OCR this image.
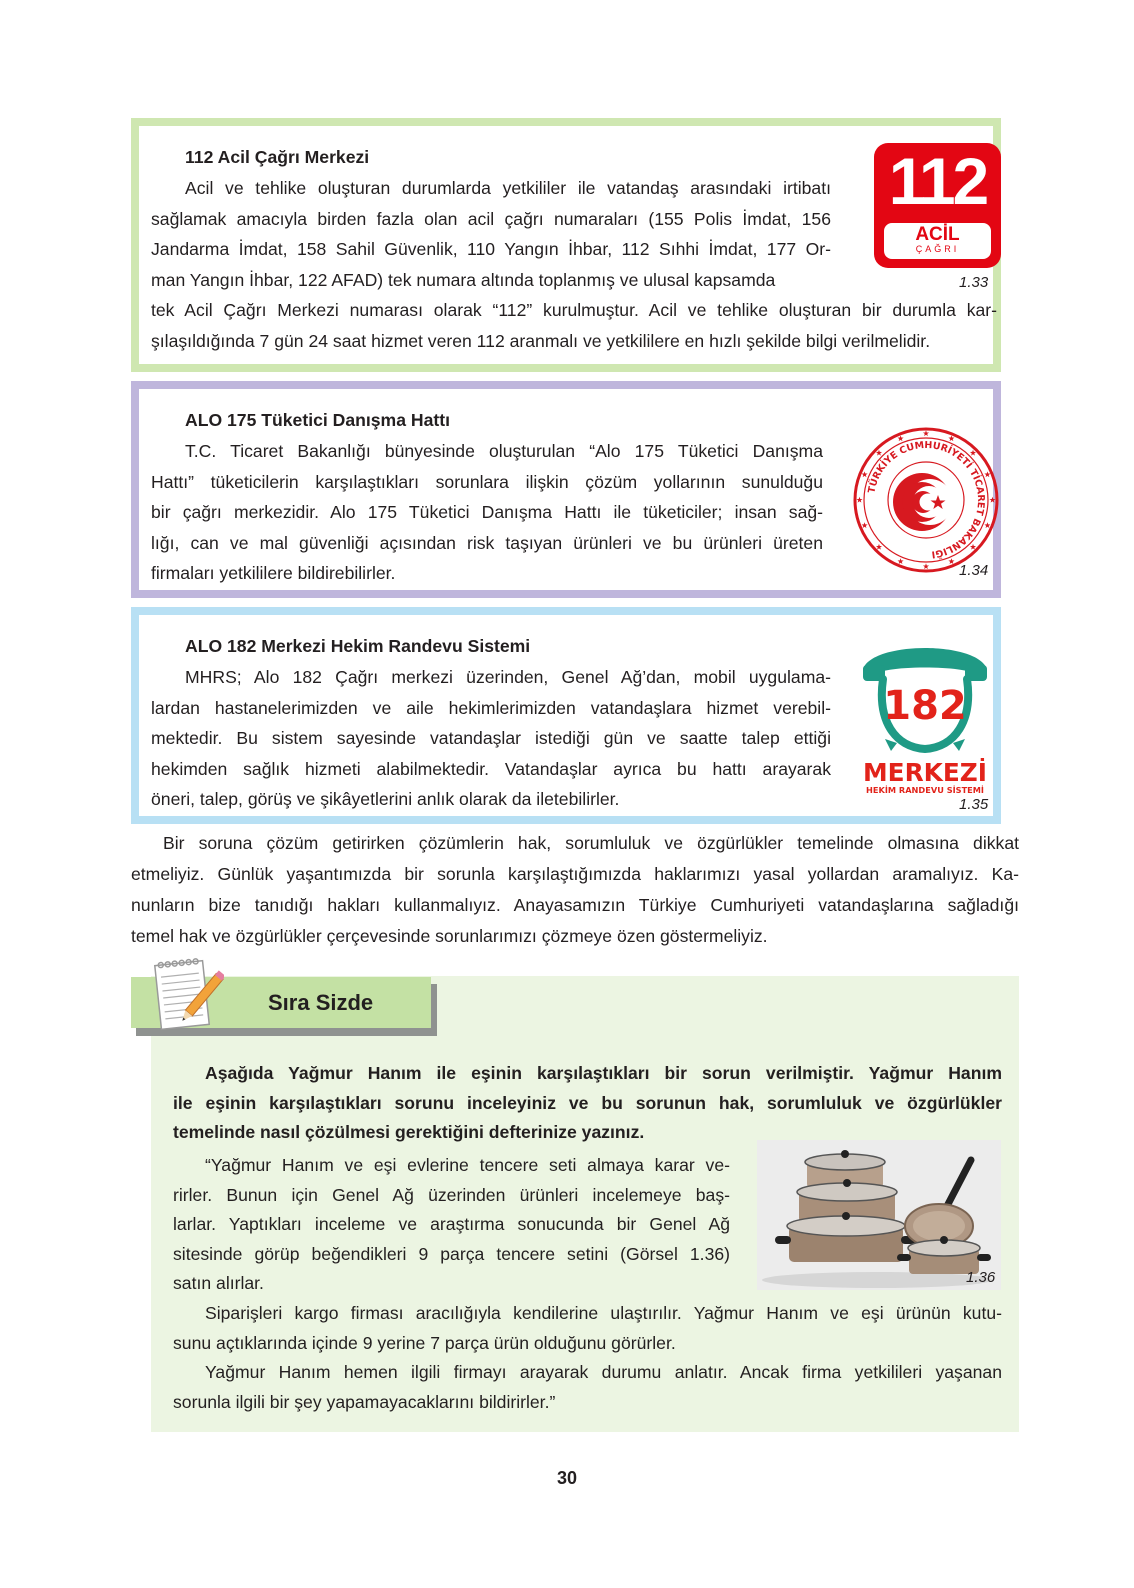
112 Acil Çağrı Merkezi

Acil ve tehlike oluşturan durumlarda yetkililer ile vatandaş arasındaki irtibatı

sağlamak amacıyla birden fazla olan acil çağrı numaraları (155 Polis İmdat, 156

Jandarma İmdat, 158 Sahil Güvenlik, 110 Yangın İhbar, 112 Sıhhi İmdat, 177 Or-

man Yangın İhbar, 122 AFAD) tek numara altında toplanmış ve ulusal kapsamda

tek Acil Çağrı Merkezi numarası olarak “112” kurulmuştur. Acil ve tehlike oluşturan bir durumla kar-

şılaşıldığında 7 gün 24 saat hizmet veren 112 aranmalı ve yetkililere en hızlı şekilde bilgi verilmelidir.

112
ACİL
ÇAĞRI
1.33
ALO 175 Tüketici Danışma Hattı

T.C. Ticaret Bakanlığı bünyesinde oluşturulan “Alo 175 Tüketici Danışma

Hattı” tüketicilerin karşılaştıkları sorunlara ilişkin çözüm yollarının sunulduğu

bir çağrı merkezidir. Alo 175 Tüketici Danışma Hattı ile tüketiciler; insan sağ-

lığı, can ve mal güvenliği açısından risk taşıyan ürünleri ve bu ürünleri üreten

firmaları yetkililere bildirebilirler.

TÜRKİYE CUMHURİYETİ TİCARET BAKANLIĞI
1.34
ALO 182 Merkezi Hekim Randevu Sistemi

MHRS; Alo 182 Çağrı merkezi üzerinden, Genel Ağ’dan, mobil uygulama-

lardan hastanelerimizden ve aile hekimlerimizden vatandaşlara hizmet verebil-

mektedir. Bu sistem sayesinde vatandaşlar istediği gün ve saatte talep ettiği

hekimden sağlık hizmeti alabilmektedir. Vatandaşlar ayrıca bu hattı arayarak

öneri, talep, görüş ve şikâyetlerini anlık olarak da iletebilirler.

182
MERKEZİ
HEKİM RANDEVU SİSTEMİ
1.35

Bir soruna çözüm getirirken çözümlerin hak, sorumluluk ve özgürlükler temelinde olmasına dikkat

etmeliyiz. Günlük yaşantımızda bir sorunla karşılaştığımızda haklarımızı yasal yollardan aramalıyız. Ka-

nunların bize tanıdığı hakları kullanmalıyız. Anayasamızın Türkiye Cumhuriyeti vatandaşlarına sağladığı

temel hak ve özgürlükler çerçevesinde sorunlarımızı çözmeye özen göstermeliyiz.

Sıra Sizde

Aşağıda Yağmur Hanım ile eşinin karşılaştıkları bir sorun verilmiştir. Yağmur Hanım

ile eşinin karşılaştıkları sorunu inceleyiniz ve bu sorunun hak, sorumluluk ve özgürlükler

temelinde nasıl çözülmesi gerektiğini defterinize yazınız.

“Yağmur Hanım ve eşi evlerine tencere seti almaya karar ve-

rirler. Bunun için Genel Ağ üzerinden ürünleri incelemeye baş-

larlar. Yaptıkları inceleme ve araştırma sonucunda bir Genel Ağ

sitesinde görüp beğendikleri 9 parça tencere setini (Görsel 1.36)

satın alırlar.	1.36

Siparişleri kargo firması aracılığıyla kendilerine ulaştırılır. Yağmur Hanım ve eşi ürünün kutu-

sunu açtıklarında içinde 9 yerine 7 parça ürün olduğunu görürler.

Yağmur Hanım hemen ilgili firmayı arayarak durumu anlatır. Ancak firma yetkilileri yaşanan

sorunla ilgili bir şey yapamayacaklarını bildirirler.”

30
